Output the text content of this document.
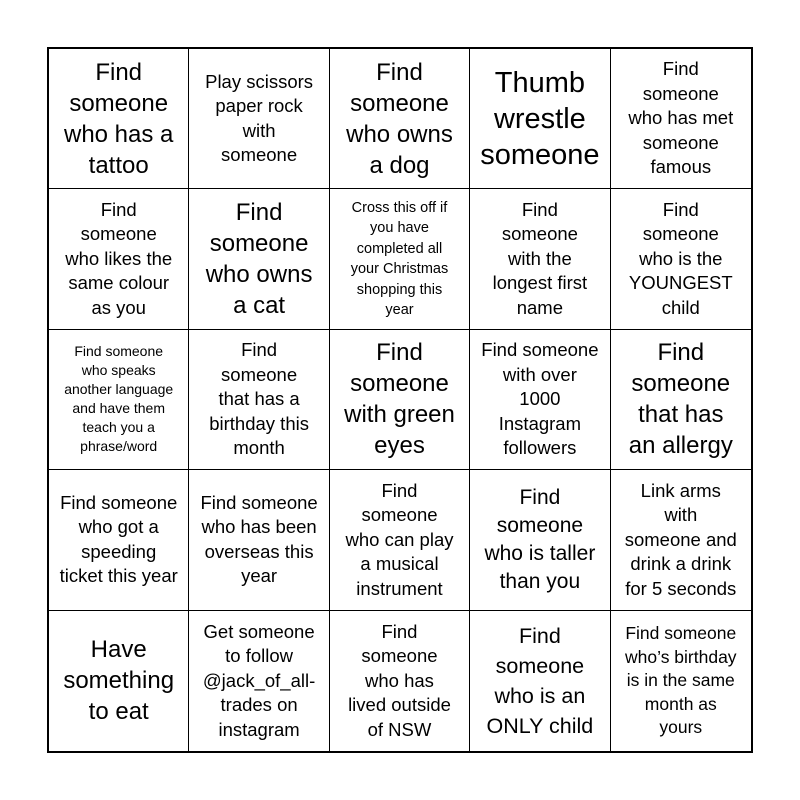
Find
someone
who has a
tattoo
Play scissors
paper rock
with
someone
Find
someone
who owns
a dog
Thumb
wrestle
someone
Find
someone
who has met
someone
famous
Find
someone
who likes the
same colour
as you
Find
someone
who owns
a cat
Cross this off if
you have
completed all
your Christmas
shopping this
year
Find
someone
with the
longest first
name
Find
someone
who is the
YOUNGEST
child
Find someone
who speaks
another language
and have them
teach you a
phrase/word
Find
someone
that has a
birthday this
month
Find
someone
with green
eyes
Find someone
with over
1000
Instagram
followers
Find
someone
that has
an allergy
Find someone
who got a
speeding
ticket this year
Find someone
who has been
overseas this
year
Find
someone
who can play
a musical
instrument
Find
someone
who is taller
than you
Link arms
with
someone and
drink a drink
for 5 seconds
Have
something
to eat
Get someone
to follow
@jack_of_all-
trades on
instagram
Find
someone
who has
lived outside
of NSW
Find
someone
who is an
ONLY child
Find someone
who’s birthday
is in the same
month as
yours
